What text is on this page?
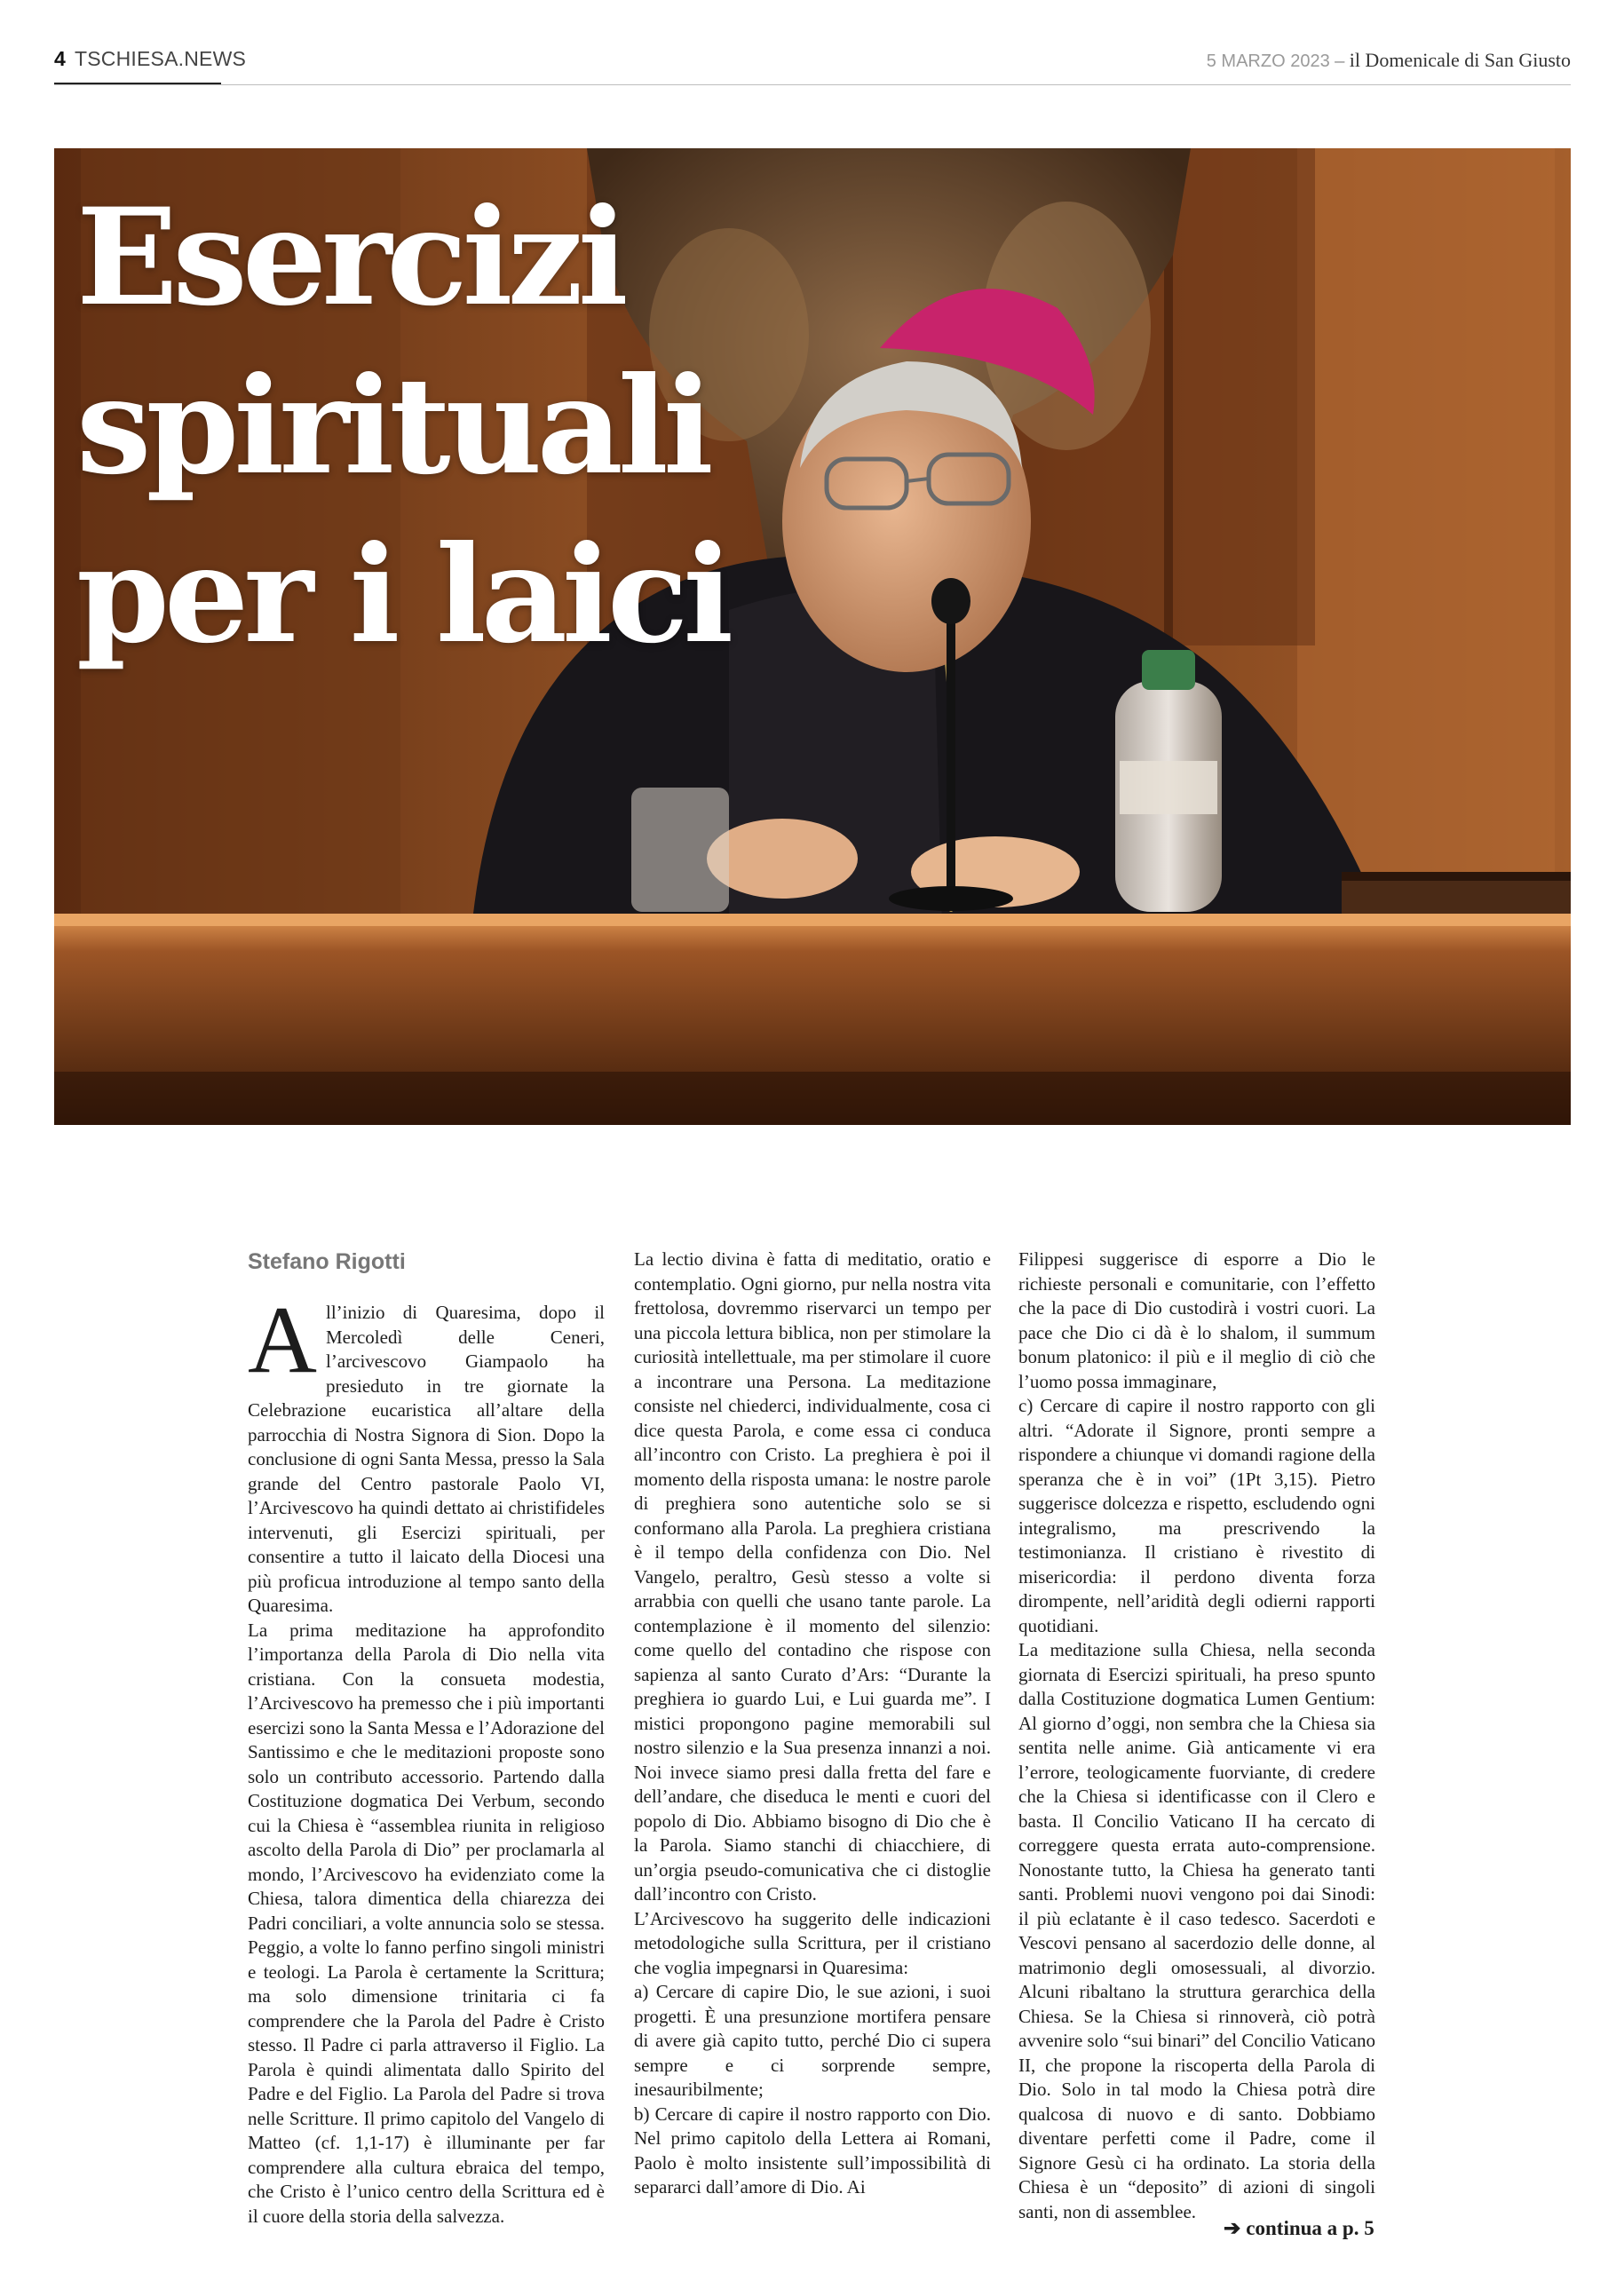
4 TSCHIESA.NEWS	5 MARZO 2023 – il Domenicale di San Giusto
Esercizi
spirituali
per i laici
Stefano Rigotti

All’inizio di Quaresima, dopo il Mercoledì delle Ceneri, l’arcivescovo Giampaolo ha presieduto in tre giornate la Celebrazione eucaristica all’altare della parrocchia di Nostra Signora di Sion. Dopo la conclusione di ogni Santa Messa, presso la Sala grande del Centro pastorale Paolo VI, l’Arcivescovo ha quindi dettato ai christifideles intervenuti, gli Esercizi spirituali, per consentire a tutto il laicato della Diocesi una più proficua introduzione al tempo santo della Quaresima.

La prima meditazione ha approfondito l’importanza della Parola di Dio nella vita cristiana. Con la consueta modestia, l’Arcivescovo ha premesso che i più importanti esercizi sono la Santa Messa e l’Adorazione del Santissimo e che le meditazioni proposte sono solo un contributo accessorio. Partendo dalla Costituzione dogmatica Dei Verbum, secondo cui la Chiesa è “assemblea riunita in religioso ascolto della Parola di Dio” per proclamarla al mondo, l’Arcivescovo ha evidenziato come la Chiesa, talora dimentica della chiarezza dei Padri conciliari, a volte annuncia solo se stessa. Peggio, a volte lo fanno perfino singoli ministri e teologi. La Parola è certamente la Scrittura; ma solo dimensione trinitaria ci fa comprendere che la Parola del Padre è Cristo stesso. Il Padre ci parla attraverso il Figlio. La Parola è quindi alimentata dallo Spirito del Padre e del Figlio. La Parola del Padre si trova nelle Scritture. Il primo capitolo del Vangelo di Matteo (cf. 1,1-17) è illuminante per far comprendere alla cultura ebraica del tempo, che Cristo è l’unico centro della Scrittura ed è il cuore della storia della salvezza.

La lectio divina è fatta di meditatio, oratio e contemplatio. Ogni giorno, pur nella nostra vita frettolosa, dovremmo riservarci un tempo per una piccola lettura biblica, non per stimolare la curiosità intellettuale, ma per stimolare il cuore a incontrare una Persona. La meditazione consiste nel chiederci, individualmente, cosa ci dice questa Parola, e come essa ci conduca all’incontro con Cristo. La preghiera è poi il momento della risposta umana: le nostre parole di preghiera sono autentiche solo se si conformano alla Parola. La preghiera cristiana è il tempo della confidenza con Dio. Nel Vangelo, peraltro, Gesù stesso a volte si arrabbia con quelli che usano tante parole. La contemplazione è il momento del silenzio: come quello del contadino che rispose con sapienza al santo Curato d’Ars: “Durante la preghiera io guardo Lui, e Lui guarda me”. I mistici propongono pagine memorabili sul nostro silenzio e la Sua presenza innanzi a noi. Noi invece siamo presi dalla fretta del fare e dell’andare, che diseduca le menti e cuori del popolo di Dio. Abbiamo bisogno di Dio che è la Parola. Siamo stanchi di chiacchiere, di un’orgia pseudo-comunicativa che ci distoglie dall’incontro con Cristo.

L’Arcivescovo ha suggerito delle indicazioni metodologiche sulla Scrittura, per il cristiano che voglia impegnarsi in Quaresima:

a) Cercare di capire Dio, le sue azioni, i suoi progetti. È una presunzione mortifera pensare di avere già capito tutto, perché Dio ci supera sempre e ci sorprende sempre, inesauribilmente;

b) Cercare di capire il nostro rapporto con Dio. Nel primo capitolo della Lettera ai Romani, Paolo è molto insistente sull’impossibilità di separarci dall’amore di Dio. Ai

Filippesi suggerisce di esporre a Dio le richieste personali e comunitarie, con l’effetto che la pace di Dio custodirà i vostri cuori. La pace che Dio ci dà è lo shalom, il summum bonum platonico: il più e il meglio di ciò che l’uomo possa immaginare,

c) Cercare di capire il nostro rapporto con gli altri. “Adorate il Signore, pronti sempre a rispondere a chiunque vi domandi ragione della speranza che è in voi” (1Pt 3,15). Pietro suggerisce dolcezza e rispetto, escludendo ogni integralismo, ma prescrivendo la testimonianza. Il cristiano è rivestito di misericordia: il perdono diventa forza dirompente, nell’aridità degli odierni rapporti quotidiani.

La meditazione sulla Chiesa, nella seconda giornata di Esercizi spirituali, ha preso spunto dalla Costituzione dogmatica Lumen Gentium: Al giorno d’oggi, non sembra che la Chiesa sia sentita nelle anime. Già anticamente vi era l’errore, teologicamente fuorviante, di credere che la Chiesa si identificasse con il Clero e basta. Il Concilio Vaticano II ha cercato di correggere questa errata auto-comprensione. Nonostante tutto, la Chiesa ha generato tanti santi. Problemi nuovi vengono poi dai Sinodi: il più eclatante è il caso tedesco. Sacerdoti e Vescovi pensano al sacerdozio delle donne, al matrimonio degli omosessuali, al divorzio. Alcuni ribaltano la struttura gerarchica della Chiesa. Se la Chiesa si rinnoverà, ciò potrà avvenire solo “sui binari” del Concilio Vaticano II, che propone la riscoperta della Parola di Dio. Solo in tal modo la Chiesa potrà dire qualcosa di nuovo e di santo. Dobbiamo diventare perfetti come il Padre, come il Signore Gesù ci ha ordinato. La storia della Chiesa è un “deposito” di azioni di singoli santi, non di assemblee.

➔ continua a p. 5
